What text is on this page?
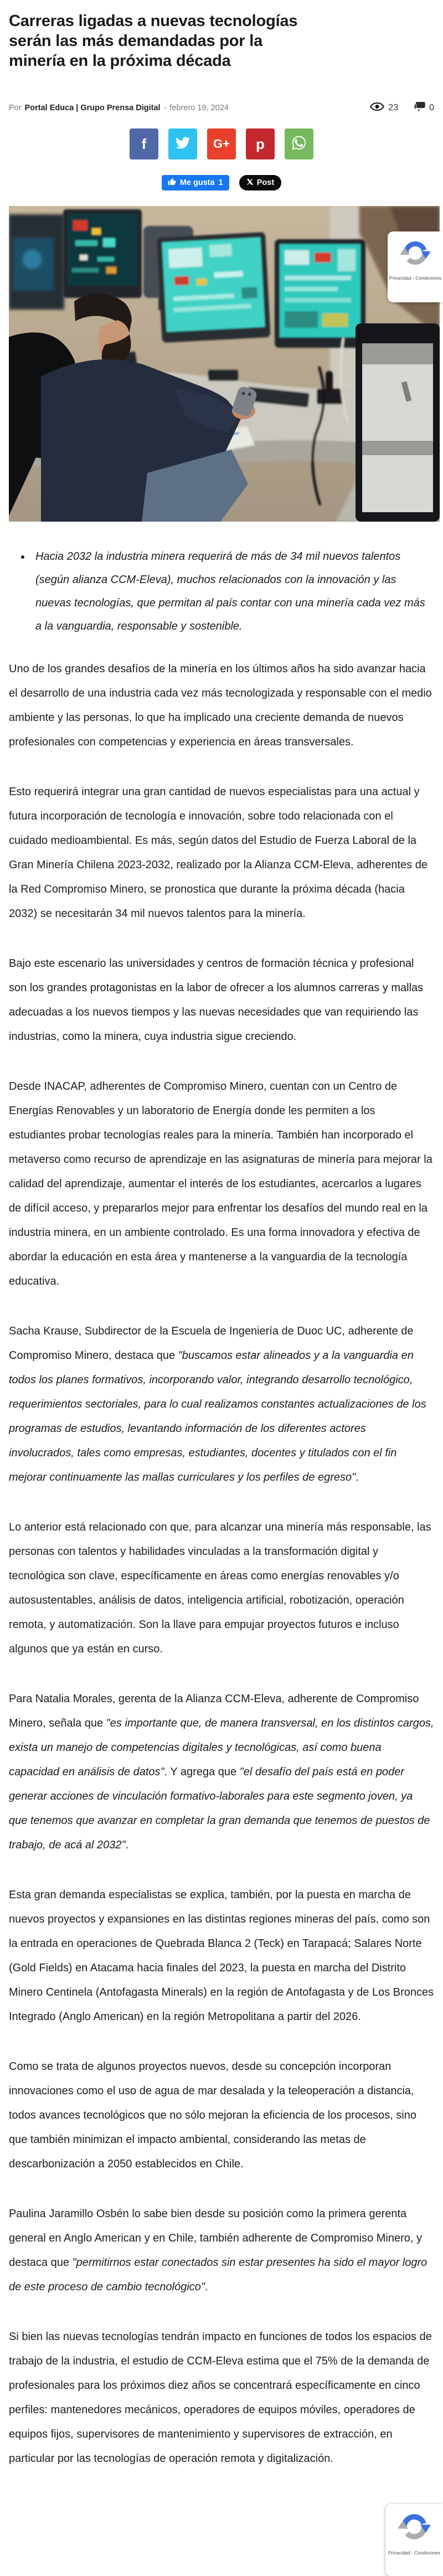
Carreras ligadas a nuevas tecnologías serán las más demandadas por la minería en la próxima década
Por Portal Educa | Grupo Prensa Digital - febrero 19, 2024	23	0
f	G+ p
Me gusta 1	Post
• Hacia 2032 la industria minera requerirá de más de 34 mil nuevos talentos (según alianza CCM-Eleva), muchos relacionados con la innovación y las nuevas tecnologías, que permitan al país contar con una minería cada vez más a la vanguardia, responsable y sostenible.

Uno de los grandes desafíos de la minería en los últimos años ha sido avanzar hacia el desarrollo de una industria cada vez más tecnologizada y responsable con el medio ambiente y las personas, lo que ha implicado una creciente demanda de nuevos profesionales con competencias y experiencia en áreas transversales.

Esto requerirá integrar una gran cantidad de nuevos especialistas para una actual y futura incorporación de tecnología e innovación, sobre todo relacionada con el cuidado medioambiental. Es más, según datos del Estudio de Fuerza Laboral de la Gran Minería Chilena 2023-2032, realizado por la Alianza CCM-Eleva, adherentes de la Red Compromiso Minero, se pronostica que durante la próxima década (hacia 2032) se necesitarán 34 mil nuevos talentos para la minería.

Bajo este escenario las universidades y centros de formación técnica y profesional son los grandes protagonistas en la labor de ofrecer a los alumnos carreras y mallas adecuadas a los nuevos tiempos y las nuevas necesidades que van requiriendo las industrias, como la minera, cuya industria sigue creciendo.

Desde INACAP, adherentes de Compromiso Minero, cuentan con un Centro de Energías Renovables y un laboratorio de Energía donde les permiten a los estudiantes probar tecnologías reales para la minería. También han incorporado el metaverso como recurso de aprendizaje en las asignaturas de minería para mejorar la calidad del aprendizaje, aumentar el interés de los estudiantes, acercarlos a lugares de difícil acceso, y prepararlos mejor para enfrentar los desafíos del mundo real en la industria minera, en un ambiente controlado. Es una forma innovadora y efectiva de abordar la educación en esta área y mantenerse a la vanguardia de la tecnología educativa.

Sacha Krause, Subdirector de la Escuela de Ingeniería de Duoc UC, adherente de Compromiso Minero, destaca que "buscamos estar alineados y a la vanguardia en todos los planes formativos, incorporando valor, integrando desarrollo tecnológico, requerimientos sectoriales, para lo cual realizamos constantes actualizaciones de los programas de estudios, levantando información de los diferentes actores involucrados, tales como empresas, estudiantes, docentes y titulados con el fin mejorar continuamente las mallas curriculares y los perfiles de egreso".

Lo anterior está relacionado con que, para alcanzar una minería más responsable, las personas con talentos y habilidades vinculadas a la transformación digital y tecnológica son clave, específicamente en áreas como energías renovables y/o autosustentables, análisis de datos, inteligencia artificial, robotización, operación remota, y automatización. Son la llave para empujar proyectos futuros e incluso algunos que ya están en curso.

Para Natalia Morales, gerenta de la Alianza CCM-Eleva, adherente de Compromiso Minero, señala que "es importante que, de manera transversal, en los distintos cargos, exista un manejo de competencias digitales y tecnológicas, así como buena capacidad en análisis de datos". Y agrega que "el desafío del país está en poder generar acciones de vinculación formativo-laborales para este segmento joven, ya que tenemos que avanzar en completar la gran demanda que tenemos de puestos de trabajo, de acá al 2032".

Esta gran demanda especialistas se explica, también, por la puesta en marcha de nuevos proyectos y expansiones en las distintas regiones mineras del país, como son la entrada en operaciones de Quebrada Blanca 2 (Teck) en Tarapacá; Salares Norte (Gold Fields) en Atacama hacia finales del 2023, la puesta en marcha del Distrito Minero Centinela (Antofagasta Minerals) en la región de Antofagasta y de Los Bronces Integrado (Anglo American) en la región Metropolitana a partir del 2026.

Como se trata de algunos proyectos nuevos, desde su concepción incorporan innovaciones como el uso de agua de mar desalada y la teleoperación a distancia, todos avances tecnológicos que no sólo mejoran la eficiencia de los procesos, sino que también minimizan el impacto ambiental, considerando las metas de descarbonización a 2050 establecidos en Chile.

Paulina Jaramillo Osbén lo sabe bien desde su posición como la primera gerenta general en Anglo American y en Chile, también adherente de Compromiso Minero, y destaca que "permitirnos estar conectados sin estar presentes ha sido el mayor logro de este proceso de cambio tecnológico".

Si bien las nuevas tecnologías tendrán impacto en funciones de todos los espacios de trabajo de la industria, el estudio de CCM-Eleva estima que el 75% de la demanda de profesionales para los próximos diez años se concentrará específicamente en cinco perfiles: mantenedores mecánicos, operadores de equipos móviles, operadores de equipos fijos, supervisores de mantenimiento y supervisores de extracción, en particular por las tecnologías de operación remota y digitalización.

Privacidad - Condiciones
Privacidad - Condiciones
